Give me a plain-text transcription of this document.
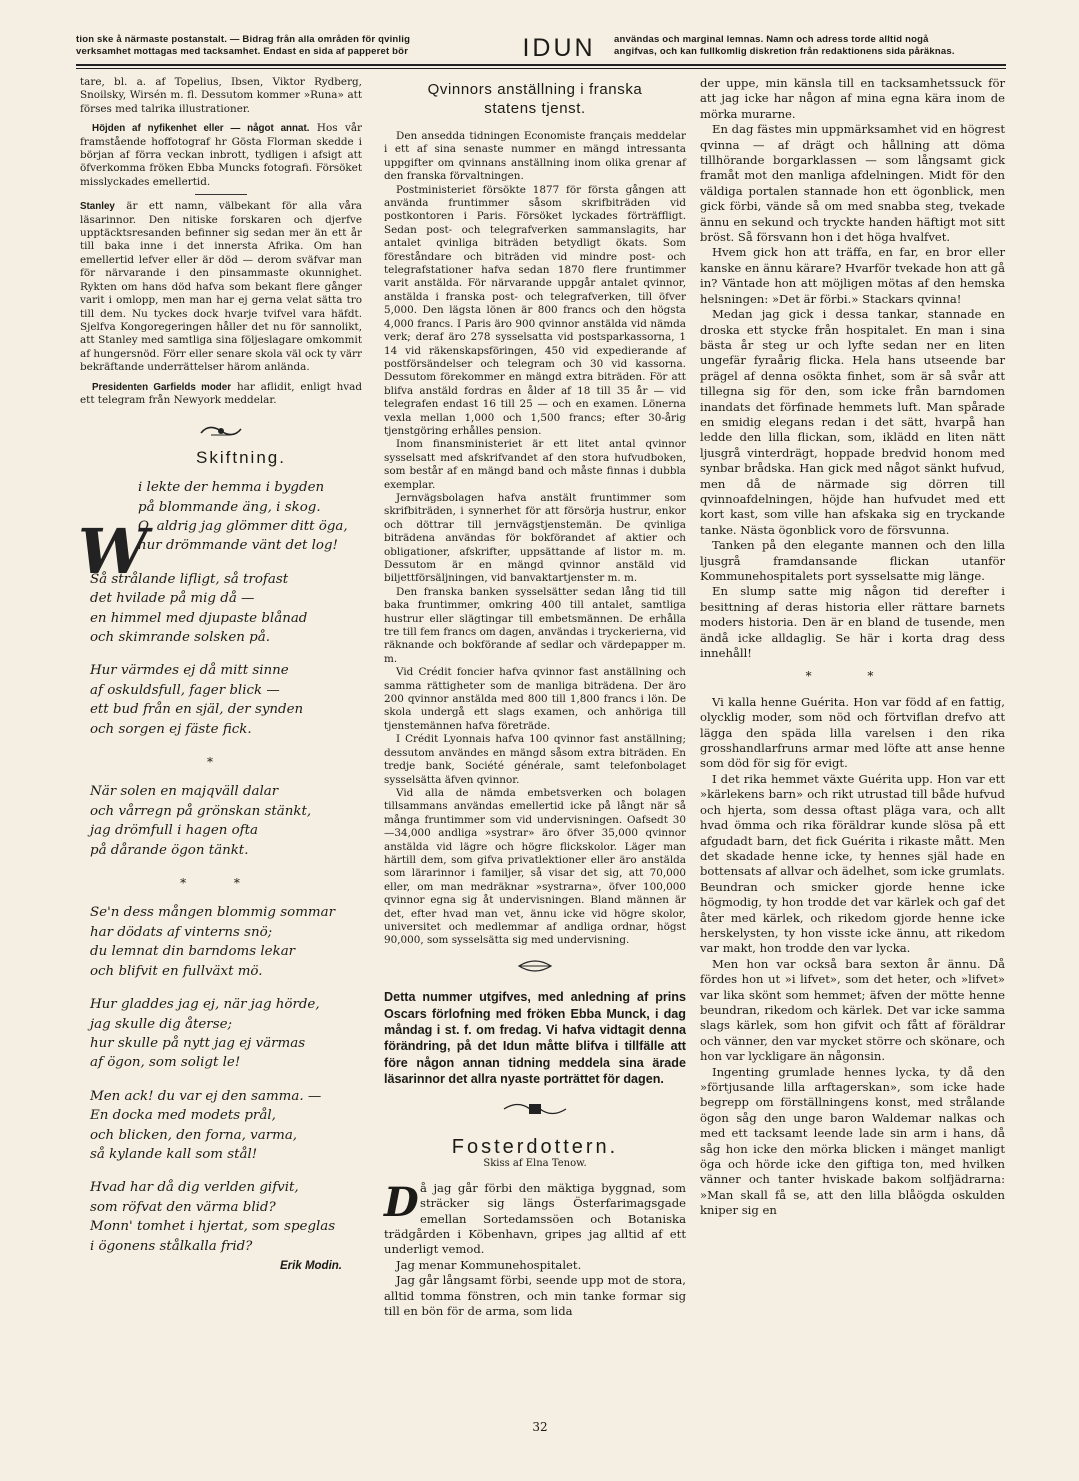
tion ske å närmaste postanstalt. — Bidrag från alla områden för qvinlig
verksamhet mottagas med tacksamhet. Endast en sida af papperet bör	IDUN	användas och marginal lemnas. Namn och adress torde alltid nogå
angifvas, och kan fullkomlig diskretion från redaktionens sida påräknas.

tare, bl. a. af Topelius, Ibsen, Viktor Rydberg, Snoilsky, Wirsén m. fl. Dessutom kommer »Runa» att förses med talrika illustrationer.

Höjden af nyfikenhet eller — något annat. Hos vår framstående hoffotograf hr Gösta Florman skedde i början af förra veckan inbrott, tydligen i afsigt att öfverkomma fröken Ebba Muncks fotografi. Försöket misslyckades emellertid.

Stanley är ett namn, välbekant för alla våra läsarinnor. Den nitiske forskaren och djerfve upptäcktsresanden befinner sig sedan mer än ett år till baka inne i det innersta Afrika. Om han emellertid lefver eller är död — derom sväfvar man för närvarande i den pinsammaste okunnighet. Rykten om hans död hafva som bekant flere gånger varit i omlopp, men man har ej gerna velat sätta tro till dem. Nu tyckes dock hvarje tvifvel vara häfdt. Sjelfva Kongoregeringen håller det nu för sannolikt, att Stanley med samtliga sina följeslagare omkommit af hungersnöd. Förr eller senare skola väl ock ty värr bekräftande underrättelser härom anlända.

Presidenten Garfields moder har aflidit, enligt hvad ett telegram från Newyork meddelar.

Skiftning.
i lekte der hemma i bygden
på blommande äng, i skog.
O, aldrig jag glömmer ditt öga,
hur drömmande vänt det log!
Så strålande lifligt, så trofast
det hvilade på mig då —
en himmel med djupaste blånad
och skimrande solsken på.
Hur värmdes ej då mitt sinne
af oskuldsfull, fager blick —
ett bud från en själ, der synden
och sorgen ej fäste fick.
*
När solen en majqväll dalar
och vårregn på grönskan stänkt,
jag drömfull i hagen ofta
på dårande ögon tänkt.
* *
Se'n dess mången blommig sommar
har dödats af vinterns snö;
du lemnat din barndoms lekar
och blifvit en fullväxt mö.
Hur gladdes jag ej, när jag hörde,
jag skulle dig återse;
hur skulle på nytt jag ej värmas
af ögon, som soligt le!
Men ack! du var ej den samma. —
En docka med modets prål,
och blicken, den forna, varma,
så kylande kall som stål!
Hvad har då dig verlden gifvit,
som röfvat den värma blid?
Monn' tomhet i hjertat, som speglas
i ögonens stålkalla frid?
Erik Modin.
W
Qvinnors anställning i franska
statens tjenst.

Den ansedda tidningen Economiste français meddelar i ett af sina senaste nummer en mängd intressanta uppgifter om qvinnans anställning inom olika grenar af den franska förvaltningen.

Postministeriet försökte 1877 för första gången att använda fruntimmer såsom skrifbiträden vid postkontoren i Paris. Försöket lyckades förträffligt. Sedan post- och telegrafverken sammanslagits, har antalet qvinliga biträden betydligt ökats. Som föreståndare och biträden vid mindre post- och telegrafstationer hafva sedan 1870 flere fruntimmer varit anstälda. För närvarande uppgår antalet qvinnor, anstälda i franska post- och telegrafverken, till öfver 5,000. Den lägsta lönen är 800 francs och den högsta 4,000 francs. I Paris äro 900 qvinnor anstälda vid nämda verk; deraf äro 278 sysselsatta vid postsparkassorna, 1 14 vid räkenskapsföringen, 450 vid expedierande af postförsändelser och telegram och 30 vid kassorna. Dessutom förekommer en mängd extra biträden. För att blifva anstäld fordras en ålder af 18 till 35 år — vid telegrafen endast 16 till 25 — och en examen. Lönerna vexla mellan 1,000 och 1,500 francs; efter 30-årig tjenstgöring erhålles pension.

Inom finansministeriet är ett litet antal qvinnor sysselsatt med afskrifvandet af den stora hufvudboken, som består af en mängd band och måste finnas i dubbla exemplar.

Jernvägsbolagen hafva anstält fruntimmer som skrifbiträden, i synnerhet för att försörja hustrur, enkor och döttrar till jernvägstjenstemän. De qvinliga biträdena användas för bokförandet af aktier och obligationer, afskrifter, uppsättande af listor m. m. Dessutom är en mängd qvinnor anstäld vid biljettförsäljningen, vid banvaktartjenster m. m.

Den franska banken sysselsätter sedan lång tid till baka fruntimmer, omkring 400 till antalet, samtliga hustrur eller slägtingar till embetsmännen. De erhålla tre till fem francs om dagen, användas i tryckerierna, vid räknande och bokförande af sedlar och värdepapper m. m.

Vid Crédit foncier hafva qvinnor fast anställning och samma rättigheter som de manliga biträdena. Der äro 200 qvinnor anstälda med 800 till 1,800 francs i lön. De skola undergå ett slags examen, och anhöriga till tjenstemännen hafva företräde.

I Crédit Lyonnais hafva 100 qvinnor fast anställning; dessutom användes en mängd såsom extra biträden. En tredje bank, Société générale, samt telefonbolaget sysselsätta äfven qvinnor.

Vid alla de nämda embetsverken och bolagen tillsammans användas emellertid icke på långt när så många fruntimmer som vid undervisningen. Oafsedt 30—34,000 andliga »systrar» äro öfver 35,000 qvinnor anstälda vid lägre och högre flickskolor. Läger man härtill dem, som gifva privatlektioner eller äro anstälda som lärarinnor i familjer, så visar det sig, att 70,000 eller, om man medräknar »systrarna», öfver 100,000 qvinnor egna sig åt undervisningen. Bland männen är det, efter hvad man vet, ännu icke vid högre skolor, universitet och medlemmar af andliga ordnar, högst 90,000, som sysselsätta sig med undervisning.

Detta nummer utgifves, med anledning af prins Oscars förlofning med fröken Ebba Munck, i dag måndag i st. f. om fredag. Vi hafva vidtagit denna förändring, på det Idun måtte blifva i tillfälle att före någon annan tidning meddela sina ärade läsarinnor det allra nyaste porträttet för dagen.
Fosterdottern.
Skiss af Elna Tenow.

Då jag går förbi den mäktiga byggnad, som sträcker sig längs Österfarimagsgade emellan Sortedamssöen och Botaniska trädgården i Köbenhavn, gripes jag alltid af ett underligt vemod.

Jag menar Kommunehospitalet.

Jag går långsamt förbi, seende upp mot de stora, alltid tomma fönstren, och min tanke formar sig till en bön för de arma, som lida

der uppe, min känsla till en tacksamhetssuck för att jag icke har någon af mina egna kära inom de mörka murarne.

En dag fästes min uppmärksamhet vid en högrest qvinna — af drägt och hållning att döma tillhörande borgarklassen — som långsamt gick framåt mot den manliga afdelningen. Midt för den väldiga portalen stannade hon ett ögonblick, men gick förbi, vände så om med snabba steg, tvekade ännu en sekund och tryckte handen häftigt mot sitt bröst. Så försvann hon i det höga hvalfvet.

Hvem gick hon att träffa, en far, en bror eller kanske en ännu kärare? Hvarför tvekade hon att gå in? Väntade hon att möjligen mötas af den hemska helsningen: »Det är förbi.» Stackars qvinna!

Medan jag gick i dessa tankar, stannade en droska ett stycke från hospitalet. En man i sina bästa år steg ur och lyfte sedan ner en liten ungefär fyraårig flicka. Hela hans utseende bar prägel af denna osökta finhet, som är så svår att tillegna sig för den, som icke från barndomen inandats det förfinade hemmets luft. Man spårade en smidig elegans redan i det sätt, hvarpå han ledde den lilla flickan, som, iklädd en liten nätt ljusgrå vinterdrägt, hoppade bredvid honom med synbar brådska. Han gick med något sänkt hufvud, men då de närmade sig dörren till qvinnoafdelningen, höjde han hufvudet med ett kort kast, som ville han afskaka sig en tryckande tanke. Nästa ögonblick voro de försvunna.

Tanken på den elegante mannen och den lilla ljusgrå framdansande flickan utanför Kommunehospitalets port sysselsatte mig länge.

En slump satte mig någon tid derefter i besittning af deras historia eller rättare barnets moders historia. Den är en bland de tusende, men ändå icke alldaglig. Se här i korta drag dess innehåll!

* *

Vi kalla henne Guérita. Hon var född af en fattig, olycklig moder, som nöd och förtviflan drefvo att lägga den späda lilla varelsen i den rika grosshandlarfruns armar med löfte att anse henne som död för sig för evigt.

I det rika hemmet växte Guérita upp. Hon var ett »kärlekens barn» och rikt utrustad till både hufvud och hjerta, som dessa oftast pläga vara, och allt hvad ömma och rika föräldrar kunde slösa på ett afgudadt barn, det fick Guérita i rikaste mått. Men det skadade henne icke, ty hennes själ hade en bottensats af allvar och ädelhet, som icke grumlats. Beundran och smicker gjorde henne icke högmodig, ty hon trodde det var kärlek och gaf det åter med kärlek, och rikedom gjorde henne icke herskelysten, ty hon visste icke ännu, att rikedom var makt, hon trodde den var lycka.

Men hon var också bara sexton år ännu. Då fördes hon ut »i lifvet», som det heter, och »lifvet» var lika skönt som hemmet; äfven der mötte henne beundran, rikedom och kärlek. Det var icke samma slags kärlek, som hon gifvit och fått af föräldrar och vänner, den var mycket större och skönare, och hon var lyckligare än någonsin.

Ingenting grumlade hennes lycka, ty då den »förtjusande lilla arftagerskan», som icke hade begrepp om förställningens konst, med strålande ögon såg den unge baron Waldemar nalkas och med ett tacksamt leende lade sin arm i hans, då såg hon icke den mörka blicken i mänget manligt öga och hörde icke den giftiga ton, med hvilken vänner och tanter hviskade bakom solfjädrarna: »Man skall få se, att den lilla blåögda oskulden kniper sig en

32
